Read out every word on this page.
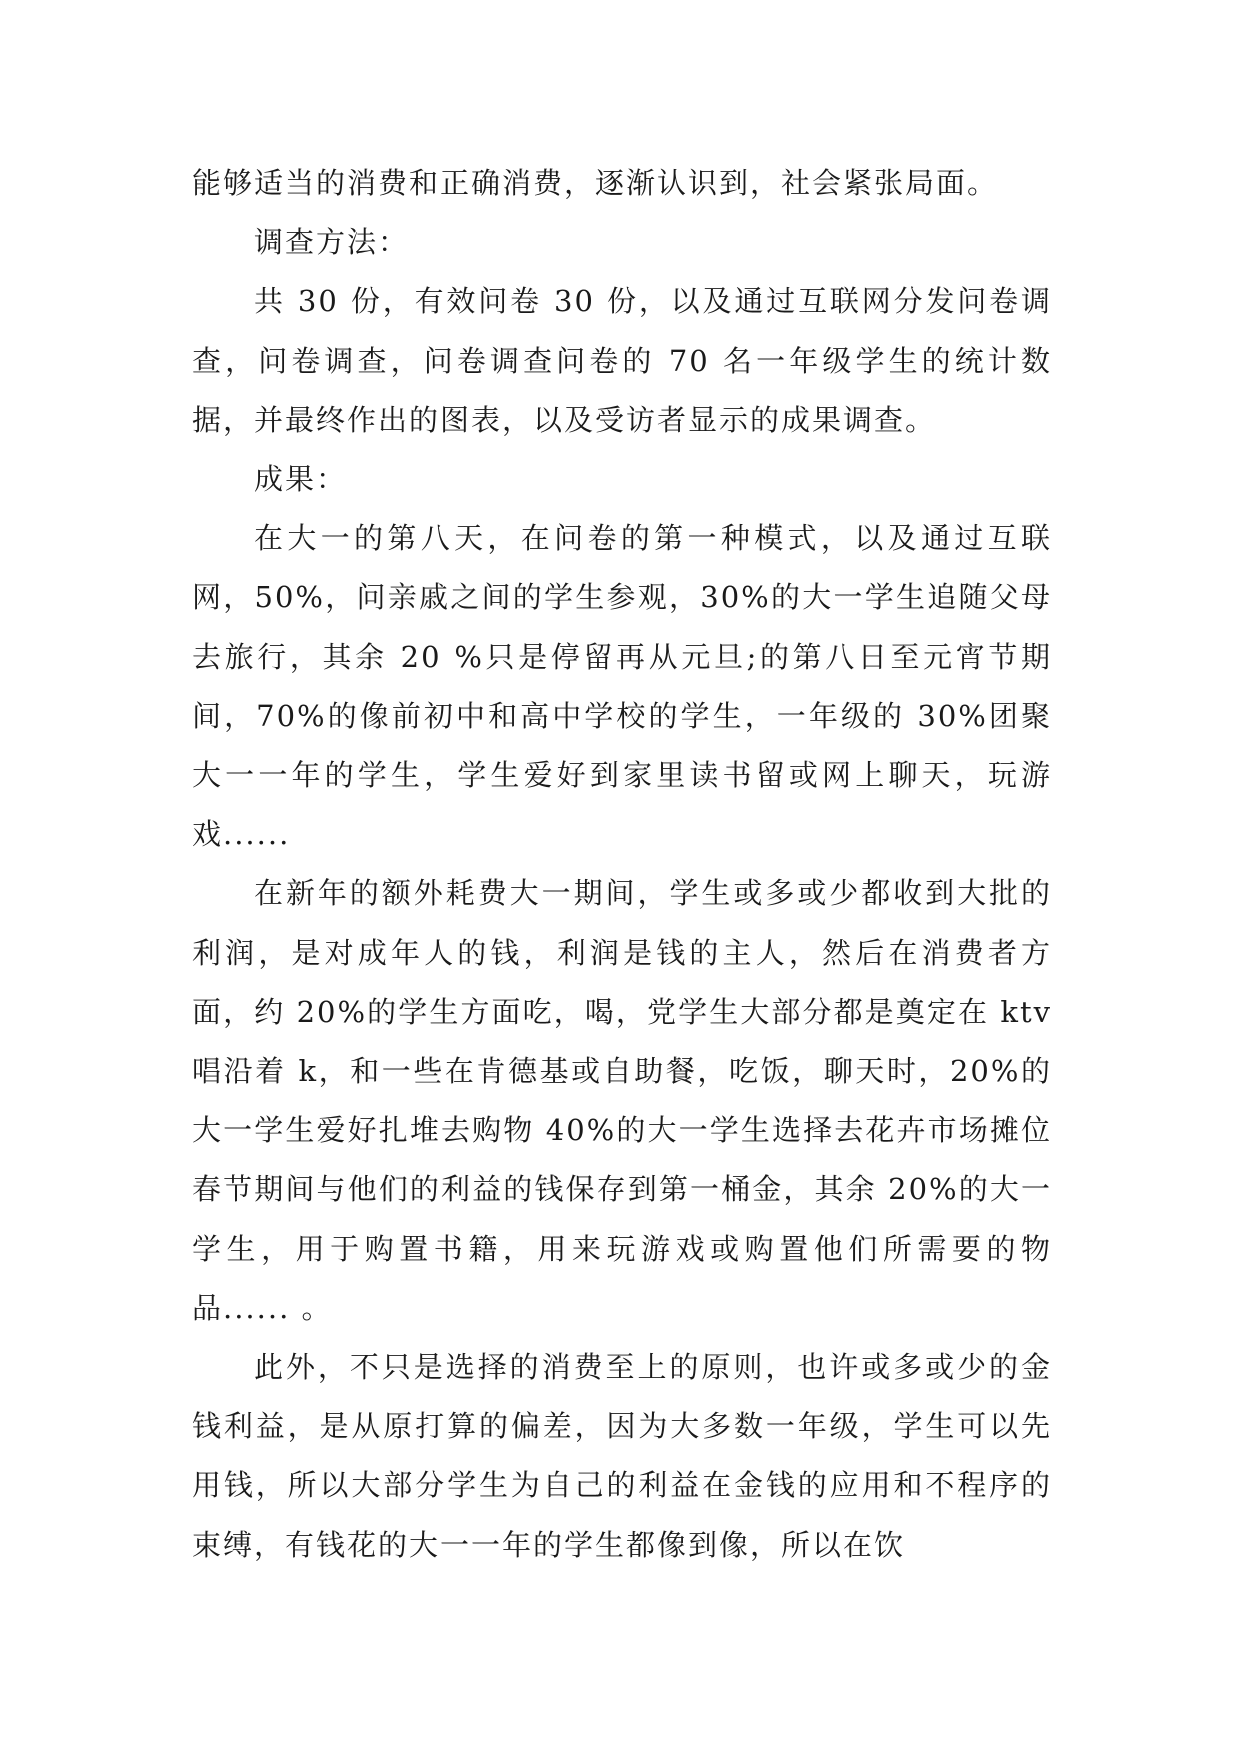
能够适当的消费和正确消费，逐渐认识到，社会紧张局面。

调查方法：

共 30 份，有效问卷 30 份，以及通过互联网分发问卷调查，问卷调查，问卷调查问卷的 70 名一年级学生的统计数据，并最终作出的图表，以及受访者显示的成果调查。

成果：

在大一的第八天，在问卷的第一种模式，以及通过互联网，50%，问亲戚之间的学生参观，30%的大一学生追随父母去旅行，其余 20 %只是停留再从元旦;的第八日至元宵节期间，70%的像前初中和高中学校的学生，一年级的 30%团聚大一一年的学生，学生爱好到家里读书留或网上聊天，玩游戏......

在新年的额外耗费大一期间，学生或多或少都收到大批的利润，是对成年人的钱，利润是钱的主人，然后在消费者方面，约 20%的学生方面吃，喝，党学生大部分都是奠定在 ktv 唱沿着 k，和一些在肯德基或自助餐，吃饭，聊天时，20%的大一学生爱好扎堆去购物 40%的大一学生选择去花卉市场摊位春节期间与他们的利益的钱保存到第一桶金，其余 20%的大一学生，用于购置书籍，用来玩游戏或购置他们所需要的物品...... 。

此外，不只是选择的消费至上的原则，也许或多或少的金钱利益，是从原打算的偏差，因为大多数一年级，学生可以先用钱，所以大部分学生为自己的利益在金钱的应用和不程序的束缚，有钱花的大一一年的学生都像到像，所以在饮
